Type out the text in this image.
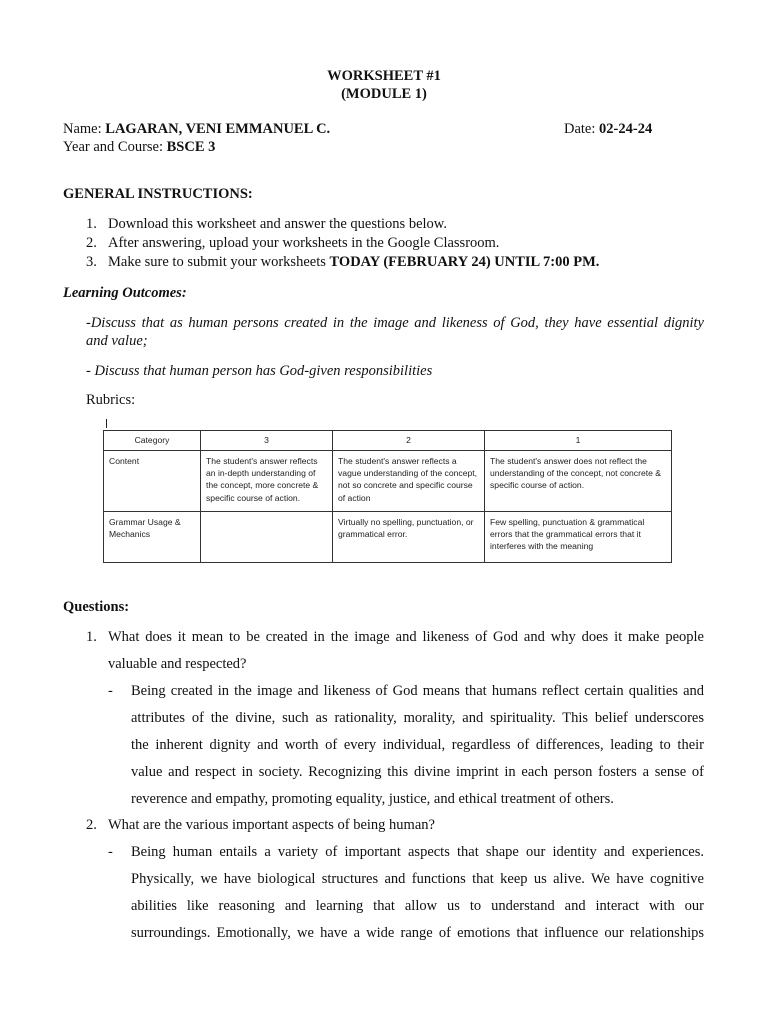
WORKSHEET #1
(MODULE 1)
Name: LAGARAN, VENI EMMANUEL C.	Date: 02-24-24
Year and Course: BSCE 3
GENERAL INSTRUCTIONS:
1. Download this worksheet and answer the questions below.
2. After answering, upload your worksheets in the Google Classroom.
3. Make sure to submit your worksheets TODAY (FEBRUARY 24) UNTIL 7:00 PM.
Learning Outcomes:
-Discuss that as human persons created in the image and likeness of God, they have essential dignity
and value;
- Discuss that human person has God-given responsibilities
Rubrics:
Category	3	2	1
Content	The student's answer reflects an in-depth understanding of the concept, more concrete & specific course of action.	The student's answer reflects a vague understanding of the concept, not so concrete and specific course of action	The student's answer does not reflect the understanding of the concept, not concrete & specific course of action.
Grammar Usage & Mechanics		Virtually no spelling, punctuation, or grammatical error.	Few spelling, punctuation & grammatical errors that the grammatical errors that it interferes with the meaning
Questions:
1. What does it mean to be created in the image and likeness of God and why does it make people
valuable and respected?
- Being created in the image and likeness of God means that humans reflect certain qualities and
attributes of the divine, such as rationality, morality, and spirituality. This belief underscores
the inherent dignity and worth of every individual, regardless of differences, leading to their
value and respect in society. Recognizing this divine imprint in each person fosters a sense of
reverence and empathy, promoting equality, justice, and ethical treatment of others.
2. What are the various important aspects of being human?
- Being human entails a variety of important aspects that shape our identity and experiences.
Physically, we have biological structures and functions that keep us alive. We have cognitive
abilities like reasoning and learning that allow us to understand and interact with our
surroundings. Emotionally, we have a wide range of emotions that influence our relationships
